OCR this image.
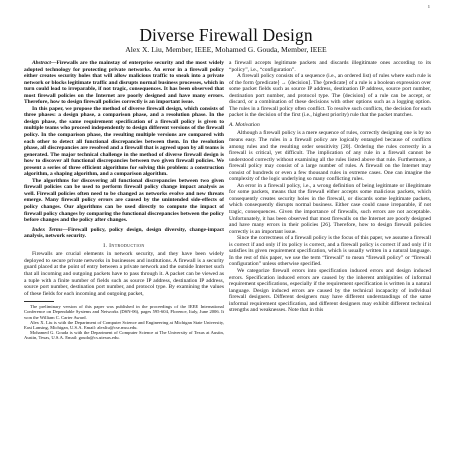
1
Diverse Firewall Design
Alex X. Liu, Member, IEEE, Mohamed G. Gouda, Member, IEEE

Abstract—Firewalls are the mainstay of enterprise security and the most widely adopted technology for protecting private networks. An error in a firewall policy either creates security holes that will allow malicious traffic to sneak into a private network or blocks legitimate traffic and disrupts normal business processes, which in turn could lead to irreparable, if not tragic, consequences. It has been observed that most firewall policies on the Internet are poorly designed and have many errors. Therefore, how to design firewall policies correctly is an important issue.

In this paper, we propose the method of diverse firewall design, which consists of three phases: a design phase, a comparison phase, and a resolution phase. In the design phase, the same requirement specification of a firewall policy is given to multiple teams who proceed independently to design different versions of the firewall policy. In the comparison phase, the resulting multiple versions are compared with each other to detect all functional discrepancies between them. In the resolution phase, all discrepancies are resolved and a firewall that is agreed upon by all teams is generated. The major technical challenge in the method of diverse firewall design is how to discover all functional discrepancies between two given firewall policies. We present a series of three efficient algorithms for solving this problem: a construction algorithm, a shaping algorithm, and a comparison algorithm.

The algorithms for discovering all functional discrepancies between two given firewall policies can be used to perform firewall policy change impact analysis as well. Firewall policies often need to be changed as networks evolve and new threats emerge. Many firewall policy errors are caused by the unintended side-effects of policy changes. Our algorithms can be used directly to compute the impact of firewall policy changes by comparing the functional discrepancies between the policy before changes and the policy after changes.

Index Terms—Firewall policy, policy design, design diversity, change-impact analysis, network security.

I. Introduction

Firewalls are crucial elements in network security, and they have been widely deployed to secure private networks in businesses and institutions. A firewall is a security guard placed at the point of entry between a private network and the outside Internet such that all incoming and outgoing packets have to pass through it. A packet can be viewed as a tuple with a finite number of fields such as source IP address, destination IP address, source port number, destination port number, and protocol type. By examining the values of these fields for each incoming and outgoing packet,

The preliminary version of this paper was published in the proceedings of the IEEE International Conference on Dependable Systems and Networks (DSN-06), pages 595-604, Florence, Italy, June 2006. It won the William C. Carter Award.

Alex X. Liu is with the Department of Computer Science and Engineering at Michigan State University, East Lansing, Michigan, U.S.A. Email: alexliu@cse.msu.edu.

Mohamed G. Gouda is with the Department of Computer Science at The University of Texas at Austin, Austin, Texas, U.S.A. Email: gouda@cs.utexas.edu.

a firewall accepts legitimate packets and discards illegitimate ones according to its “policy”, i.e., “configuration”.

A firewall policy consists of a sequence (i.e., an ordered list) of rules where each rule is of the form ⟨predicate⟩ → ⟨decision⟩. The ⟨predicate⟩ of a rule is a boolean expression over some packet fields such as source IP address, destination IP address, source port number, destination port number, and protocol type. The ⟨decision⟩ of a rule can be accept, or discard, or a combination of these decisions with other options such as a logging option. The rules in a firewall policy often conflict. To resolve such conflicts, the decision for each packet is the decision of the first (i.e., highest priority) rule that the packet matches.

A. Motivation

Although a firewall policy is a mere sequence of rules, correctly designing one is by no means easy. The rules in a firewall policy are logically entangled because of conflicts among rules and the resulting order sensitivity [20]. Ordering the rules correctly in a firewall is critical, yet difficult. The implication of any rule in a firewall cannot be understood correctly without examining all the rules listed above that rule. Furthermore, a firewall policy may consist of a large number of rules. A firewall on the Internet may consist of hundreds or even a few thousand rules in extreme cases. One can imagine the complexity of the logic underlying so many conflicting rules.

An error in a firewall policy, i.e., a wrong definition of being legitimate or illegitimate for some packets, means that the firewall either accepts some malicious packets, which consequently creates security holes in the firewall, or discards some legitimate packets, which consequently disrupts normal business. Either case could cause irreparable, if not tragic, consequences. Given the importance of firewalls, such errors are not acceptable. Unfortunately, it has been observed that most firewalls on the Internet are poorly designed and have many errors in their policies [26]. Therefore, how to design firewall policies correctly is an important issue.

Since the correctness of a firewall policy is the focus of this paper, we assume a firewall is correct if and only if its policy is correct, and a firewall policy is correct if and only if it satisfies its given requirement specification, which is usually written in a natural language. In the rest of this paper, we use the term “firewall” to mean “firewall policy” or “firewall configuration” unless otherwise specified.

We categorize firewall errors into specification induced errors and design induced errors. Specification induced errors are caused by the inherent ambiguities of informal requirement specifications, especially if the requirement specification is written in a natural language. Design induced errors are caused by the technical incapacity of individual firewall designers. Different designers may have different understandings of the same informal requirement specification, and different designers may exhibit different technical strengths and weaknesses. Note that in this
